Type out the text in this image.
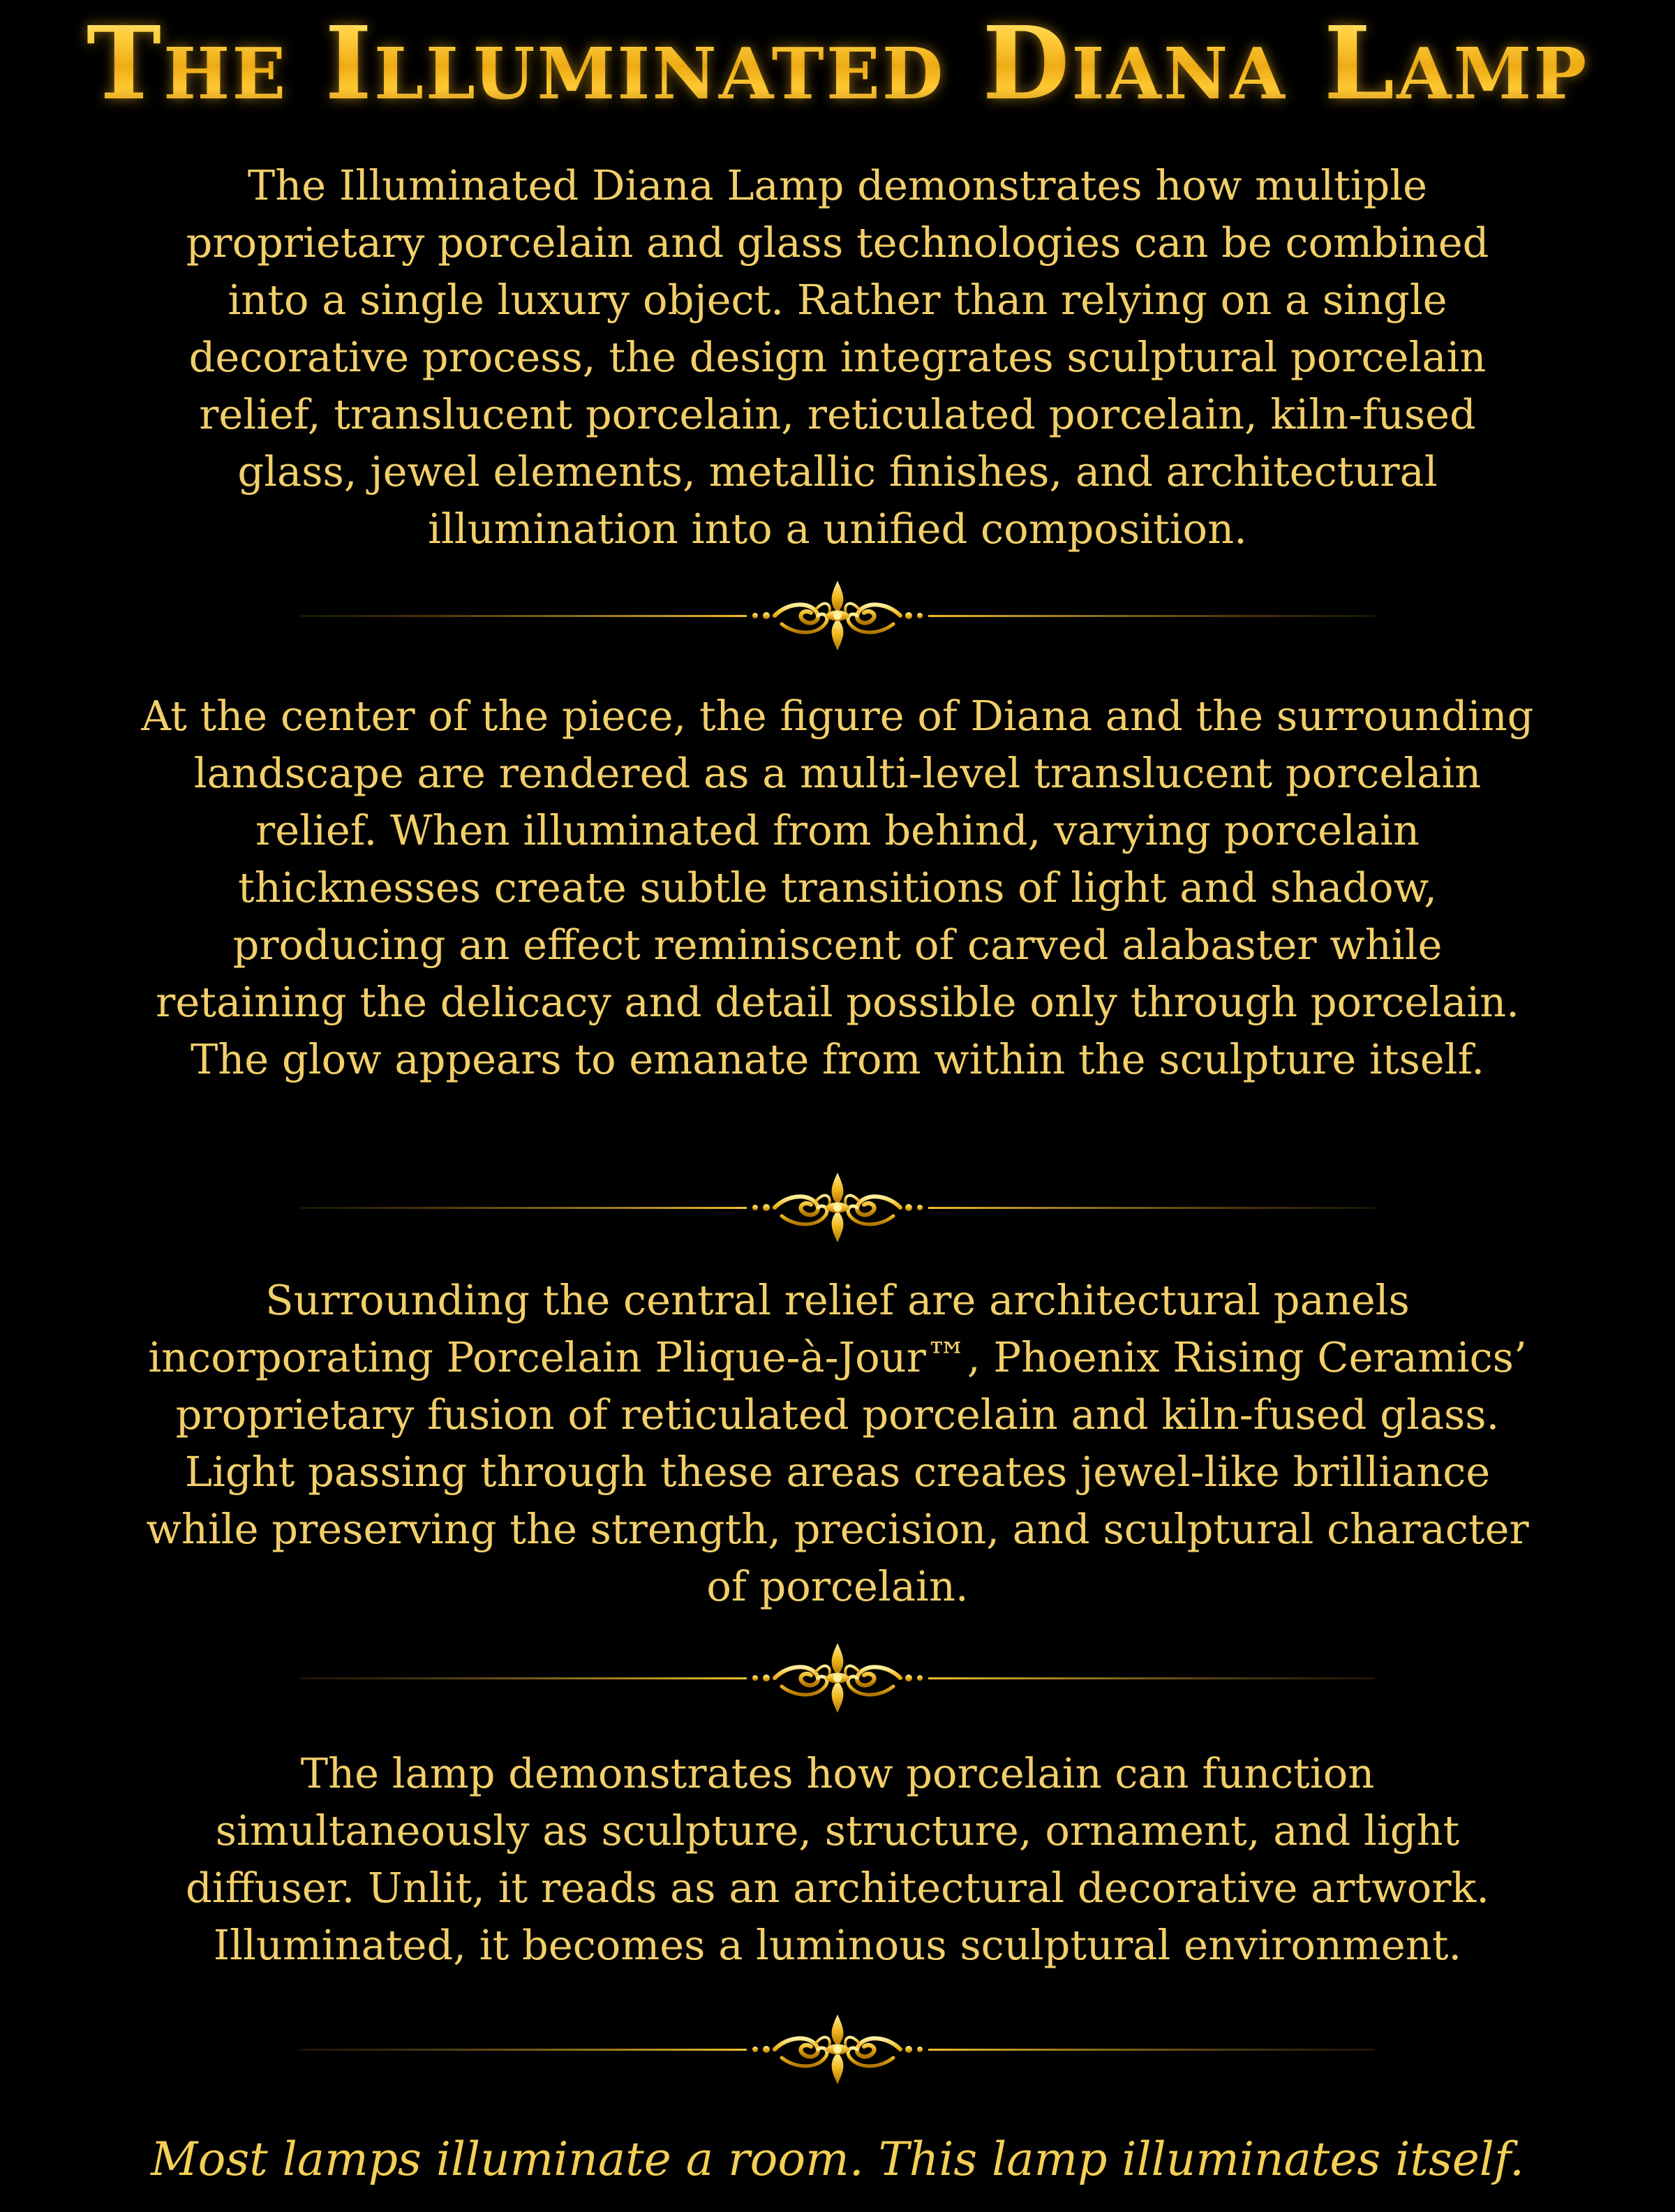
The Illuminated Diana Lamp

The Illuminated Diana Lamp demonstrates how multiple proprietary porcelain and glass technologies can be combined into a single luxury object. Rather than relying on a single decorative process, the design integrates sculptural porcelain relief, translucent porcelain, reticulated porcelain, kiln-fused glass, jewel elements, metallic finishes, and architectural illumination into a unified composition.

At the center of the piece, the figure of Diana and the surrounding landscape are rendered as a multi-level translucent porcelain relief. When illuminated from behind, varying porcelain thicknesses create subtle transitions of light and shadow, producing an effect reminiscent of carved alabaster while retaining the delicacy and detail possible only through porcelain. The glow appears to emanate from within the sculpture itself.

Surrounding the central relief are architectural panels incorporating Porcelain Plique-à-Jour™, Phoenix Rising Ceramics’ proprietary fusion of reticulated porcelain and kiln-fused glass. Light passing through these areas creates jewel-like brilliance while preserving the strength, precision, and sculptural character of porcelain.

The lamp demonstrates how porcelain can function simultaneously as sculpture, structure, ornament, and light diffuser. Unlit, it reads as an architectural decorative artwork. Illuminated, it becomes a luminous sculptural environment.

Most lamps illuminate a room. This lamp illuminates itself.
